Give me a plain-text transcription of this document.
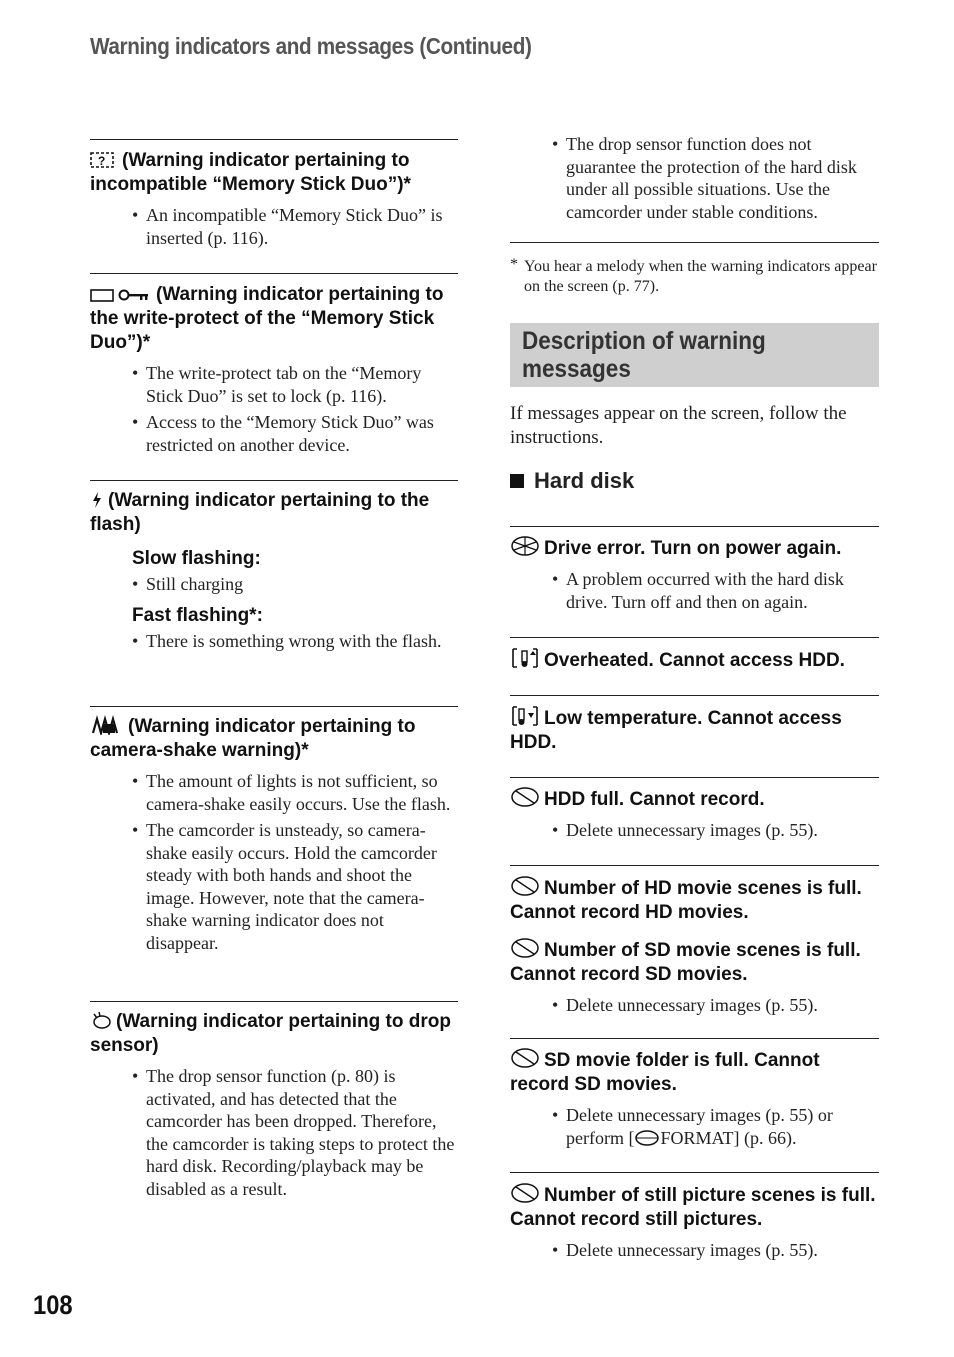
Warning indicators and messages (Continued)
? (Warning indicator pertaining to incompatible “Memory Stick Duo”)*
• An incompatible “Memory Stick Duo” is inserted (p. 116).
(Warning indicator pertaining to the write-protect of the “Memory Stick Duo”)*
• The write-protect tab on the “Memory Stick Duo” is set to lock (p. 116).
• Access to the “Memory Stick Duo” was restricted on another device.
(Warning indicator pertaining to the flash)
Slow flashing:
• Still charging
Fast flashing*:
• There is something wrong with the flash.
(Warning indicator pertaining to camera-shake warning)*
• The amount of lights is not sufficient, so camera-shake easily occurs. Use the flash.
• The camcorder is unsteady, so camera-shake easily occurs. Hold the camcorder steady with both hands and shoot the image. However, note that the camera-shake warning indicator does not disappear.
(Warning indicator pertaining to drop sensor)
• The drop sensor function (p. 80) is activated, and has detected that the camcorder has been dropped. Therefore, the camcorder is taking steps to protect the hard disk. Recording/playback may be disabled as a result.
• The drop sensor function does not guarantee the protection of the hard disk under all possible situations. Use the camcorder under stable conditions.
* You hear a melody when the warning indicators appear on the screen (p. 77).
Description of warning
messages
If messages appear on the screen, follow the instructions.
Hard disk
Drive error. Turn on power again.
• A problem occurred with the hard disk drive. Turn off and then on again.
Overheated. Cannot access HDD.
Low temperature. Cannot access HDD.
HDD full. Cannot record.
• Delete unnecessary images (p. 55).
Number of HD movie scenes is full. Cannot record HD movies.
Number of SD movie scenes is full. Cannot record SD movies.
• Delete unnecessary images (p. 55).
SD movie folder is full. Cannot record SD movies.
• Delete unnecessary images (p. 55) or perform [ FORMAT] (p. 66).
Number of still picture scenes is full. Cannot record still pictures.
• Delete unnecessary images (p. 55).
108
